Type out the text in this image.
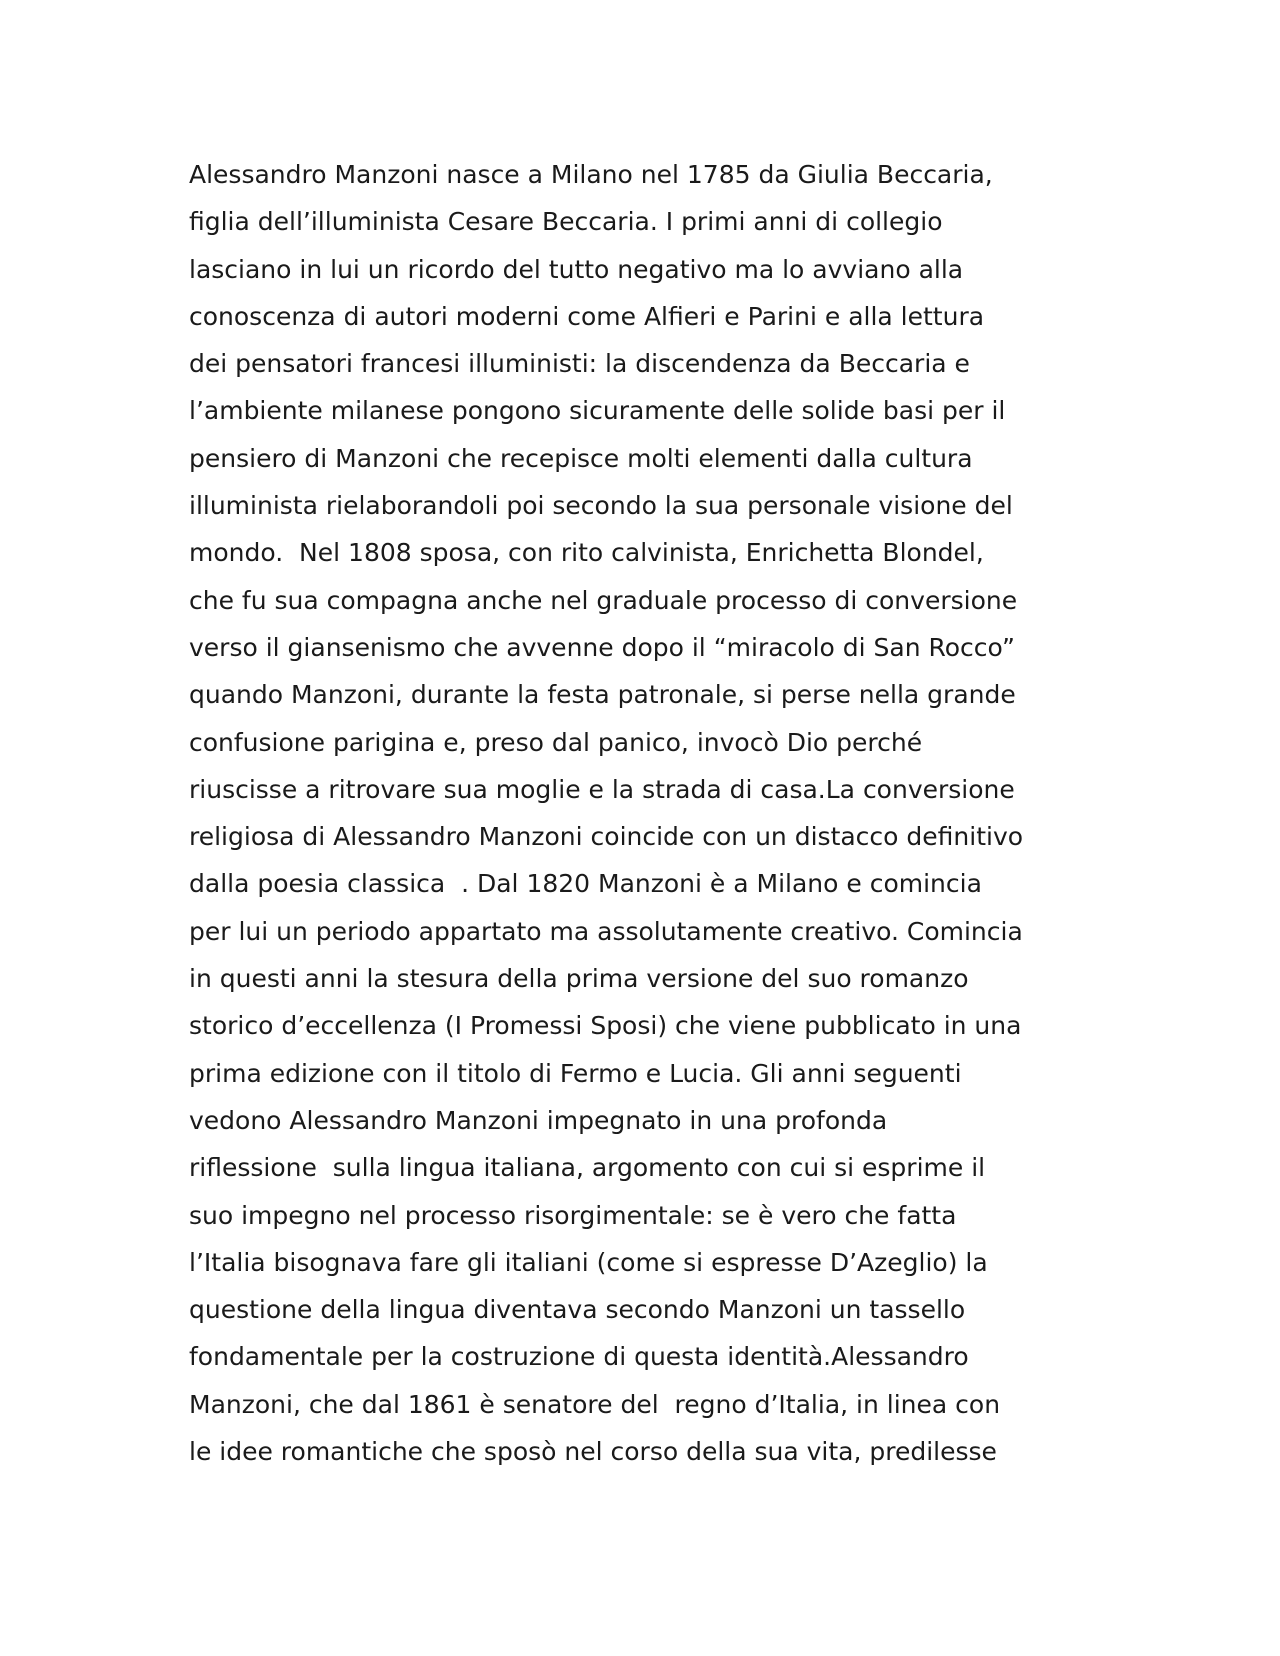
Alessandro Manzoni nasce a Milano nel 1785 da Giulia Beccaria,
figlia dell’illuminista Cesare Beccaria. I primi anni di collegio
lasciano in lui un ricordo del tutto negativo ma lo avviano alla
conoscenza di autori moderni come Alfieri e Parini e alla lettura
dei pensatori francesi illuministi: la discendenza da Beccaria e
l’ambiente milanese pongono sicuramente delle solide basi per il
pensiero di Manzoni che recepisce molti elementi dalla cultura
illuminista rielaborandoli poi secondo la sua personale visione del
mondo.  Nel 1808 sposa, con rito calvinista, Enrichetta Blondel,
che fu sua compagna anche nel graduale processo di conversione
verso il giansenismo che avvenne dopo il “miracolo di San Rocco”
quando Manzoni, durante la festa patronale, si perse nella grande
confusione parigina e, preso dal panico, invocò Dio perché
riuscisse a ritrovare sua moglie e la strada di casa.La conversione
religiosa di Alessandro Manzoni coincide con un distacco definitivo
dalla poesia classica  . Dal 1820 Manzoni è a Milano e comincia
per lui un periodo appartato ma assolutamente creativo. Comincia
in questi anni la stesura della prima versione del suo romanzo
storico d’eccellenza (I Promessi Sposi) che viene pubblicato in una
prima edizione con il titolo di Fermo e Lucia. Gli anni seguenti
vedono Alessandro Manzoni impegnato in una profonda
riflessione  sulla lingua italiana, argomento con cui si esprime il
suo impegno nel processo risorgimentale: se è vero che fatta
l’Italia bisognava fare gli italiani (come si espresse D’Azeglio) la
questione della lingua diventava secondo Manzoni un tassello
fondamentale per la costruzione di questa identità.Alessandro
Manzoni, che dal 1861 è senatore del  regno d’Italia, in linea con
le idee romantiche che sposò nel corso della sua vita, predilesse
